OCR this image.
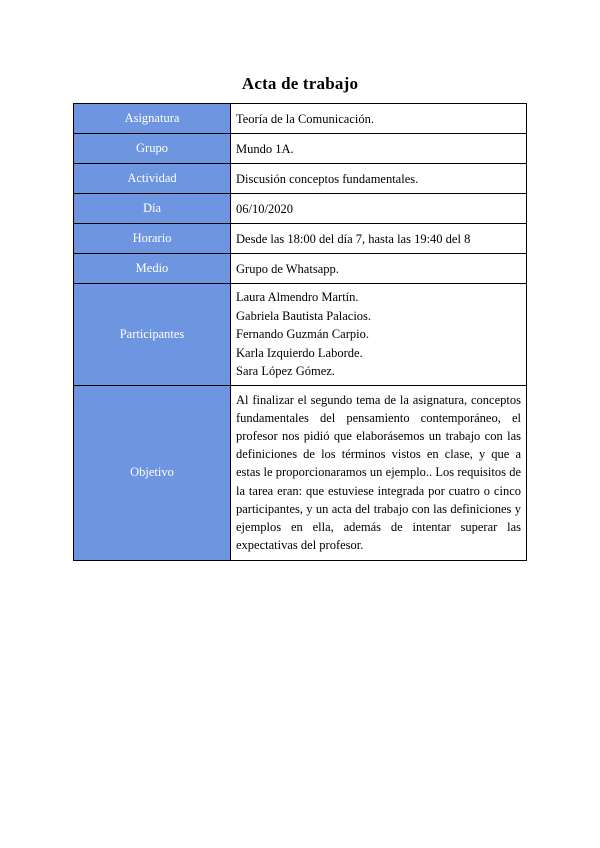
Acta de trabajo
Asignatura	Teoría de la Comunicación.
Grupo	Mundo 1A.
Actividad	Discusión conceptos fundamentales.
Día	06/10/2020
Horario	Desde las 18:00 del día 7, hasta las 19:40 del 8
Medio	Grupo de Whatsapp.
Participantes	Laura Almendro Martín.
Gabriela Bautista Palacios.
Fernando Guzmán Carpio.
Karla Izquierdo Laborde.
Sara López Gómez.

Objetivo	Al finalizar el segundo tema de la asignatura, conceptos fundamentales del pensamiento contemporáneo, el profesor nos pidió que elaborásemos un trabajo con las definiciones de los términos vistos en clase, y que a estas le proporcionaramos un ejemplo.. Los requisitos de la tarea eran: que estuviese integrada por cuatro o cinco participantes, y un acta del trabajo con las definiciones y ejemplos en ella, además de intentar superar las expectativas del profesor.
